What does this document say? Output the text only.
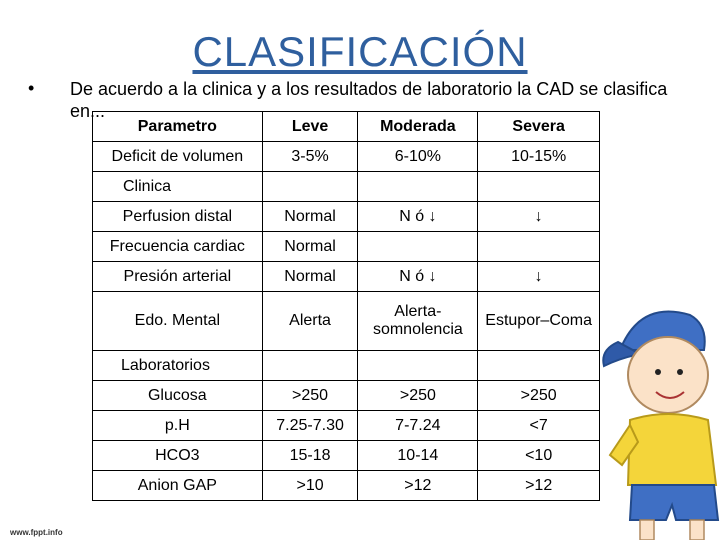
CLASIFICACIÓN
• De acuerdo a la clinica y a los resultados de laboratorio la CAD se clasifica en...
Parametro	Leve	Moderada	Severa
Deficit de volumen	3-5%	6-10%	10-15%
Clinica			
Perfusion distal	Normal	N ó ↓	↓
Frecuencia cardiac	Normal		
Presión arterial	Normal	N ó ↓	↓
Edo. Mental	Alerta	Alerta-somnolencia	Estupor–Coma
Laboratorios			
Glucosa	>250	>250	>250
p.H	7.25-7.30	7-7.24	<7
HCO3	15-18	10-14	<10
Anion GAP	>10	>12	>12
www.fppt.info
